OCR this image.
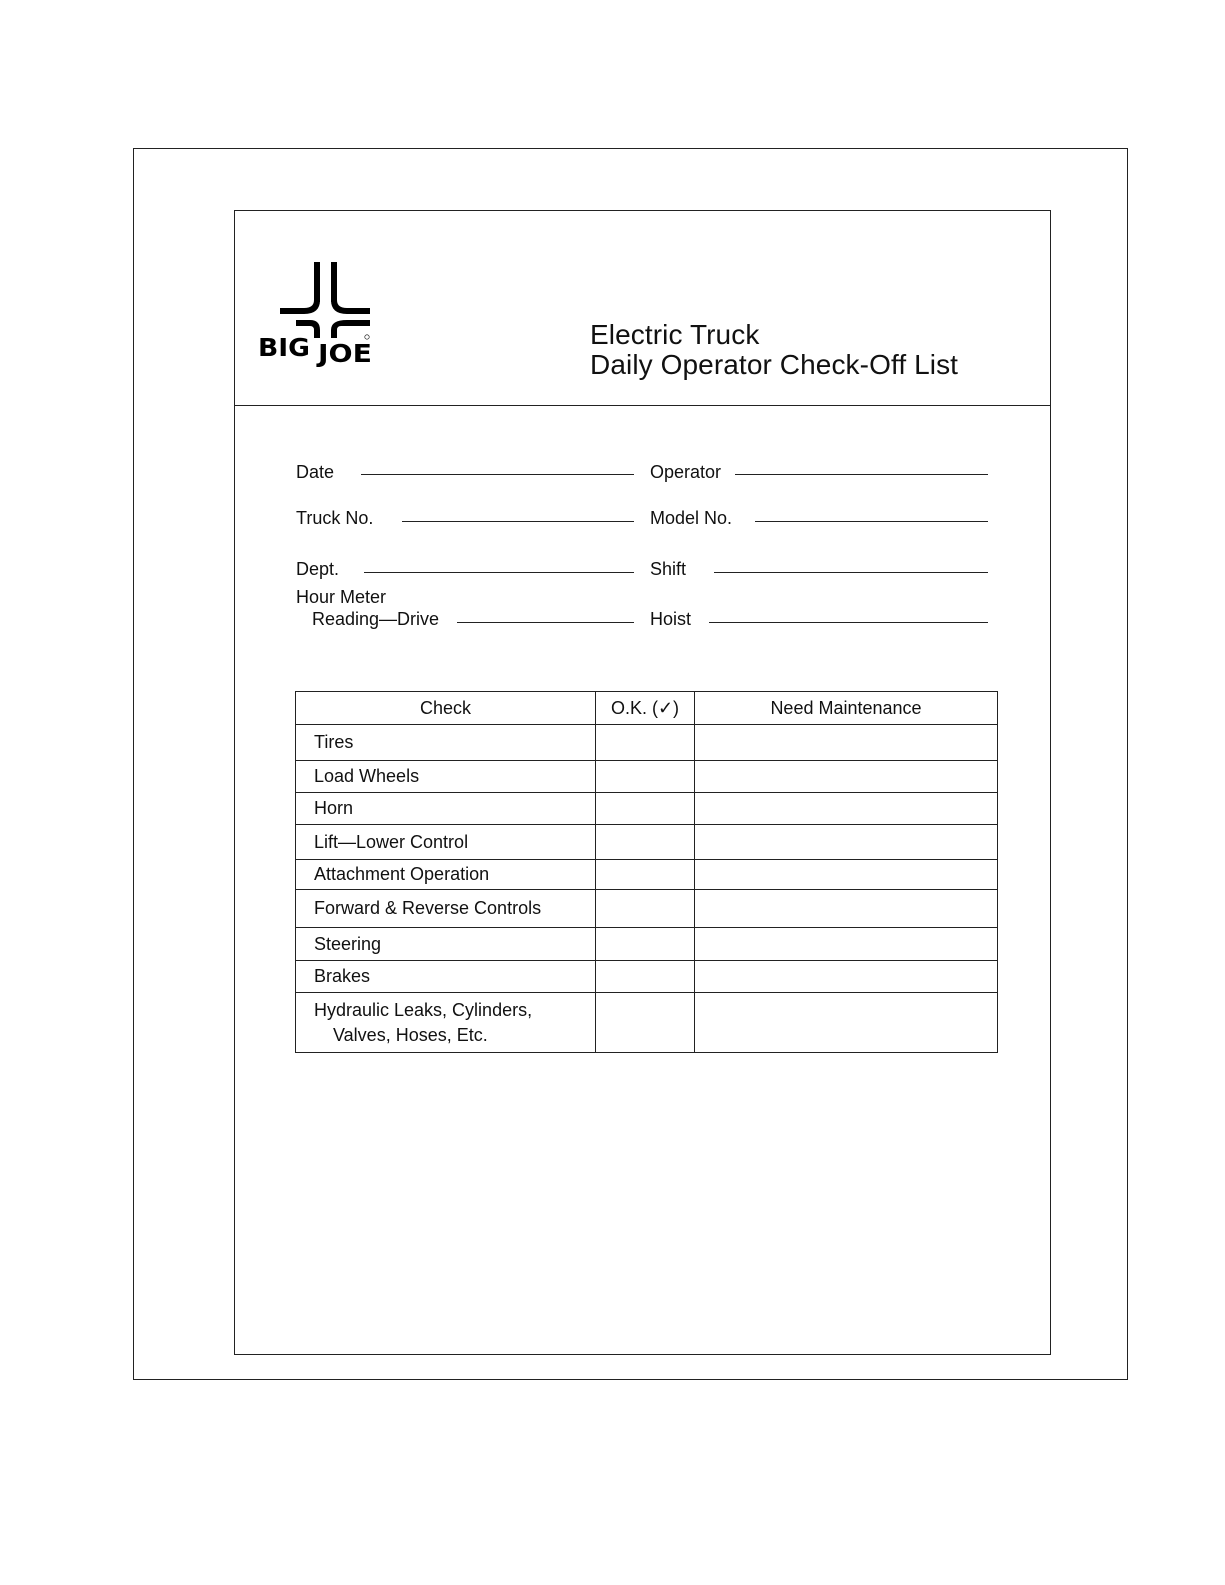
BIG JOE
Electric Truck
Daily Operator Check-Off List
Date	Operator
Truck No.	Model No.
Dept.	Shift
Hour Meter
Reading—Drive	Hoist
Check	O.K. (✓)	Need Maintenance
Tires		
Load Wheels		
Horn		
Lift—Lower Control		
Attachment Operation		
Forward & Reverse Controls		
Steering		
Brakes		

Hydraulic Leaks, Cylinders,
Valves, Hoses, Etc.		
